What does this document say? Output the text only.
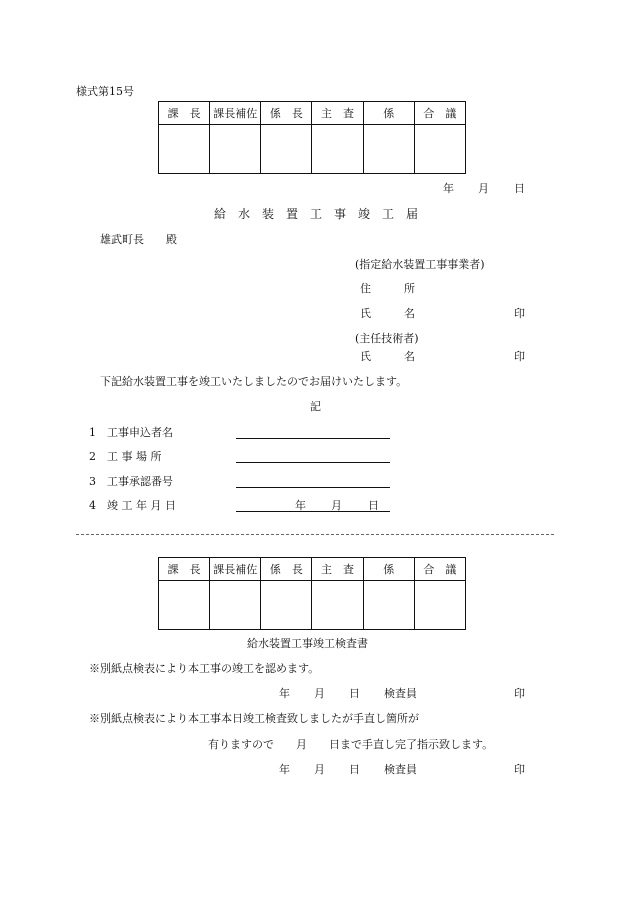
様式第15号
課　長	課長補佐	係　長	主　査	係	合　議

年 月 日
給　水　装　置　工　事　竣　工　届
雄武町長　　殿
(指定給水装置工事事業者)
住　　　所
氏　　　名	印
(主任技術者)
氏　　　名	印
下記給水装置工事を竣工いたしましたのでお届けいたします。
記
1 工事申込者名
2 工 事 場 所
3 工事承認番号
4 竣 工 年 月 日	年 月 日
課　長	課長補佐	係　長	主　査	係	合　議

給水装置工事竣工検査書
※別紙点検表により本工事の竣工を認めます。
年 月 日 検査員	印
※別紙点検表により本工事本日竣工検査致しましたが手直し箇所が
有りますので　　月　　日まで手直し完了指示致します。
年 月 日 検査員	印
